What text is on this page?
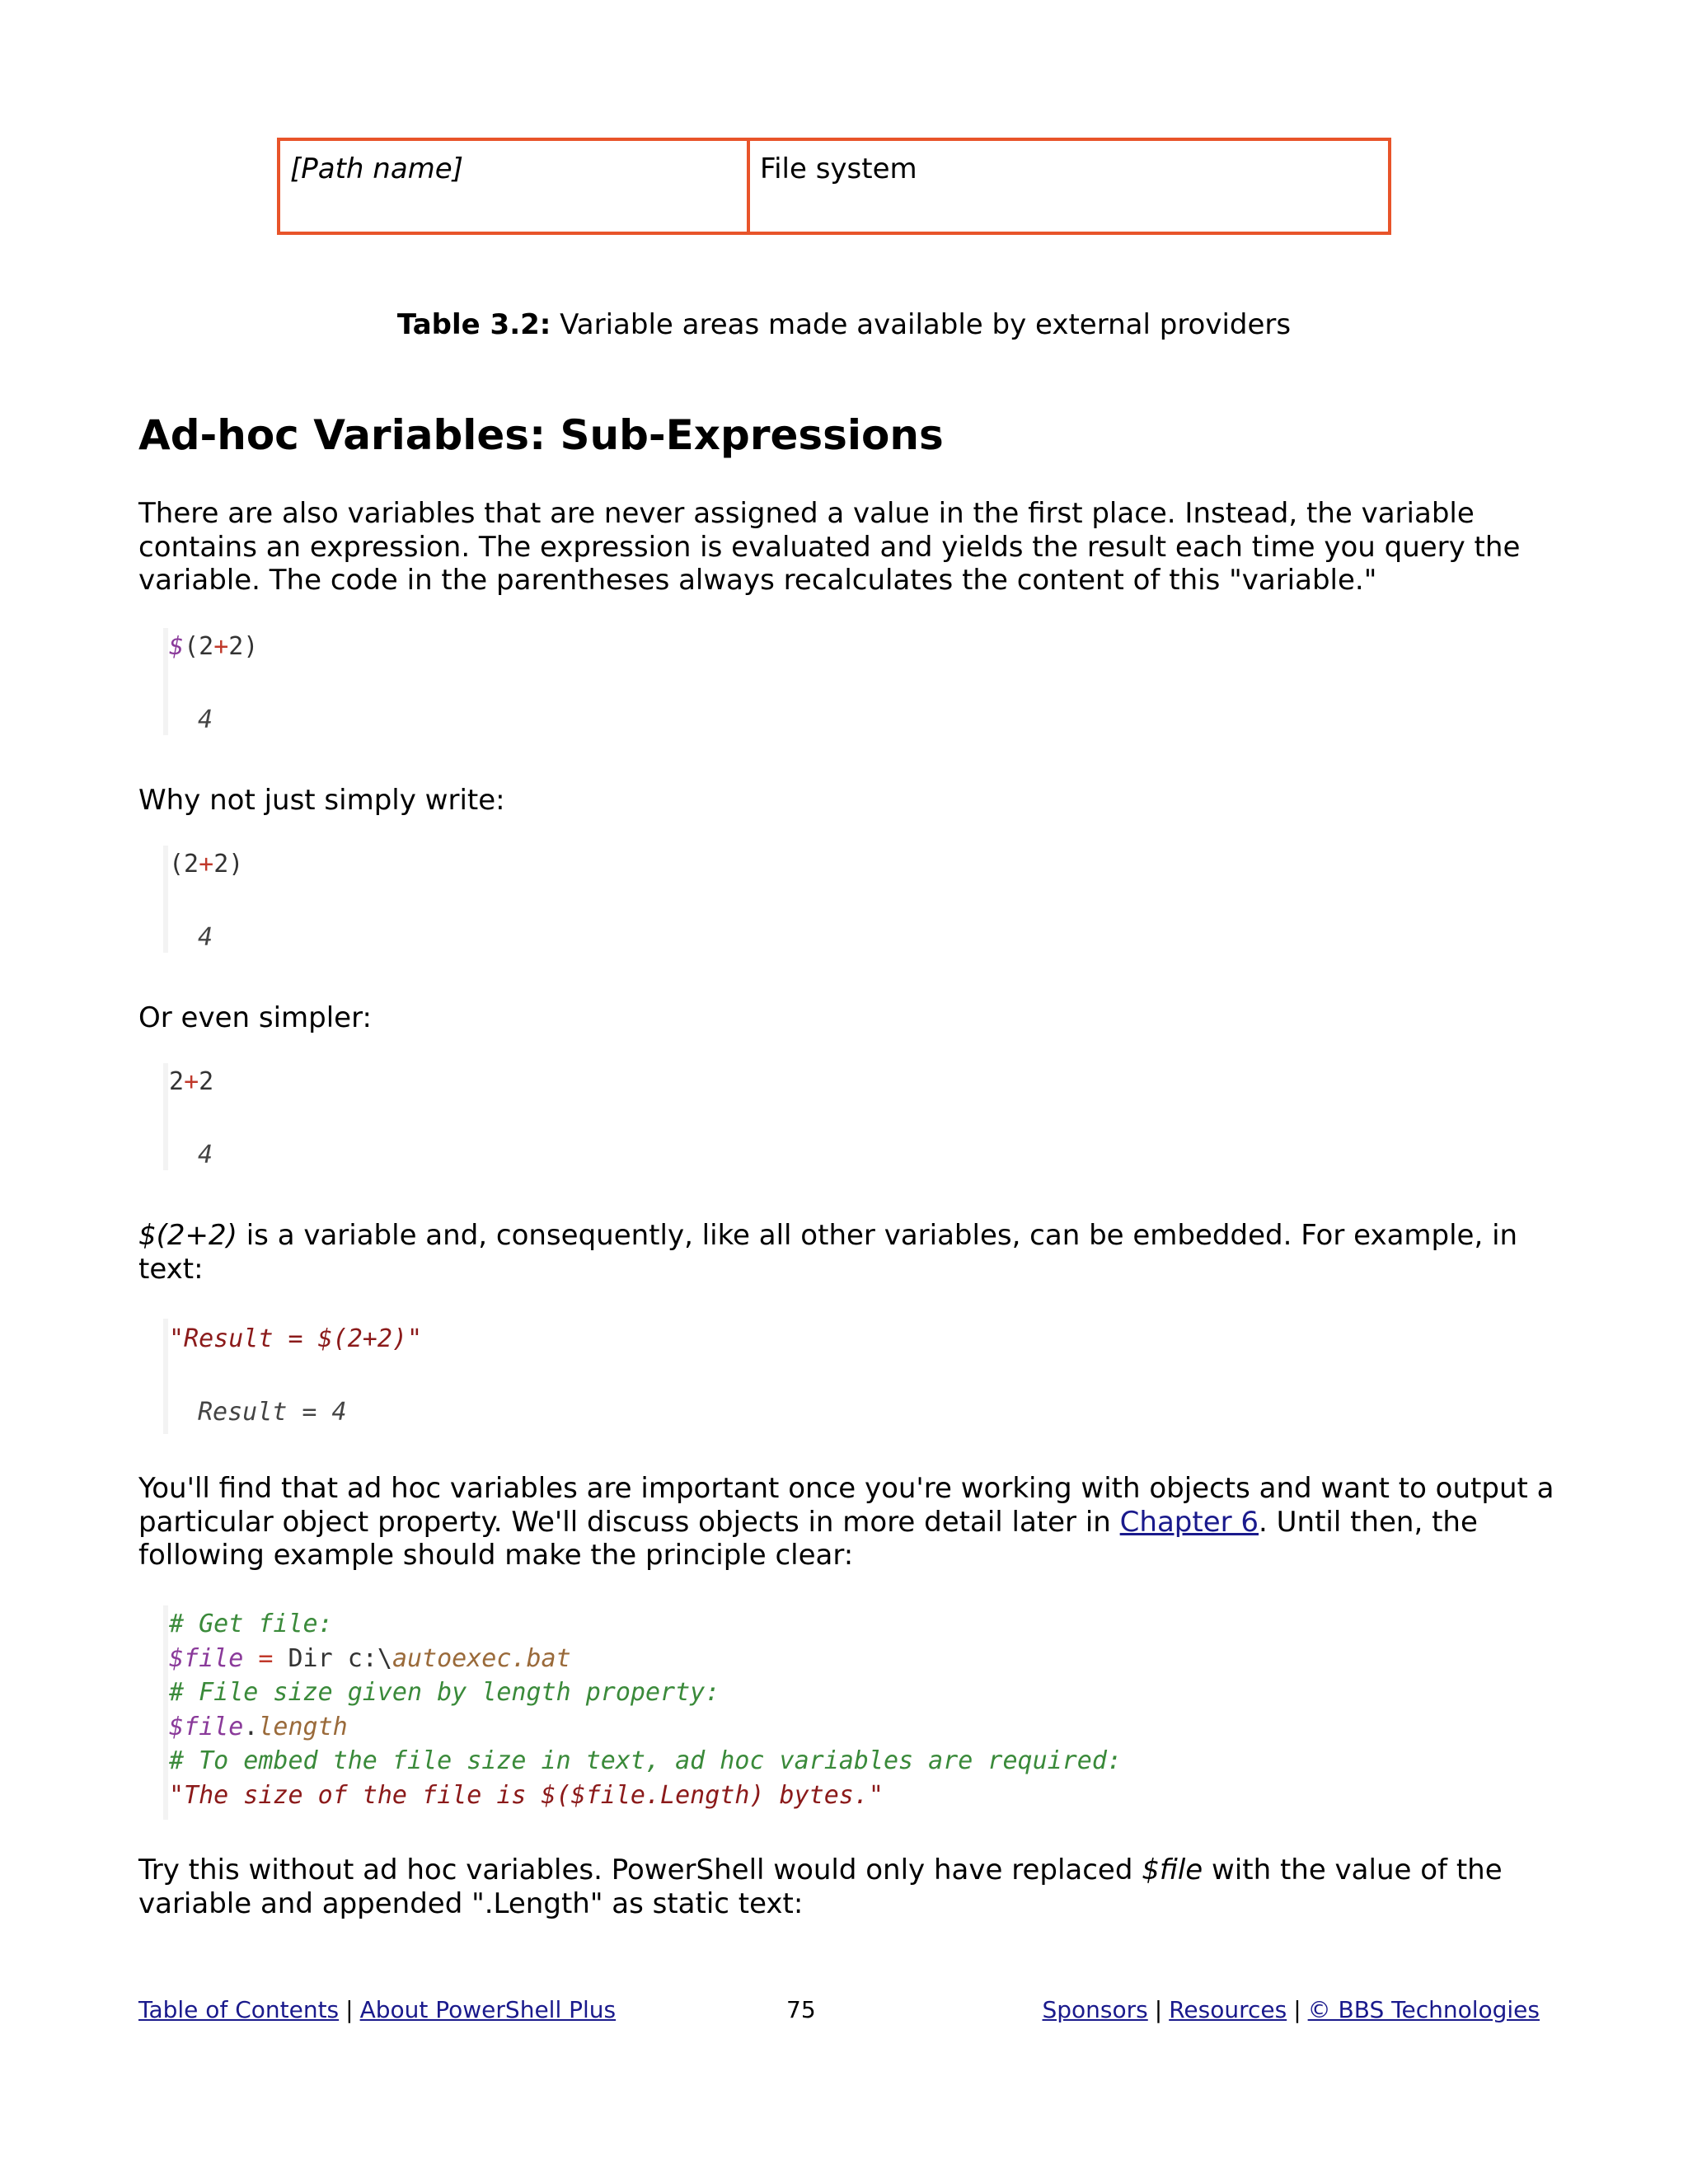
[Path name]	File system
Table 3.2: Variable areas made available by external providers
Ad-hoc Variables: Sub-Expressions
There are also variables that are never assigned a value in the first place. Instead, the variable contains an expression. The expression is evaluated and yields the result each time you query the variable. The code in the parentheses always recalculates the content of this "variable."
$(2+2)
4
Why not just simply write:
(2+2)
4
Or even simpler:
2+2
4
$(2+2) is a variable and, consequently, like all other variables, can be embedded. For example, in text:
"Result = $(2+2)"
Result = 4
You'll find that ad hoc variables are important once you're working with objects and want to output a particular object property. We'll discuss objects in more detail later in Chapter 6. Until then, the following example should make the principle clear:
# Get file:
$file = Dir c:\autoexec.bat
# File size given by length property:
$file.length
# To embed the file size in text, ad hoc variables are required:
"The size of the file is $($file.Length) bytes."
Try this without ad hoc variables. PowerShell would only have replaced $file with the value of the variable and appended ".Length" as static text:
Table of Contents | About PowerShell Plus	75	Sponsors | Resources | © BBS Technologies
